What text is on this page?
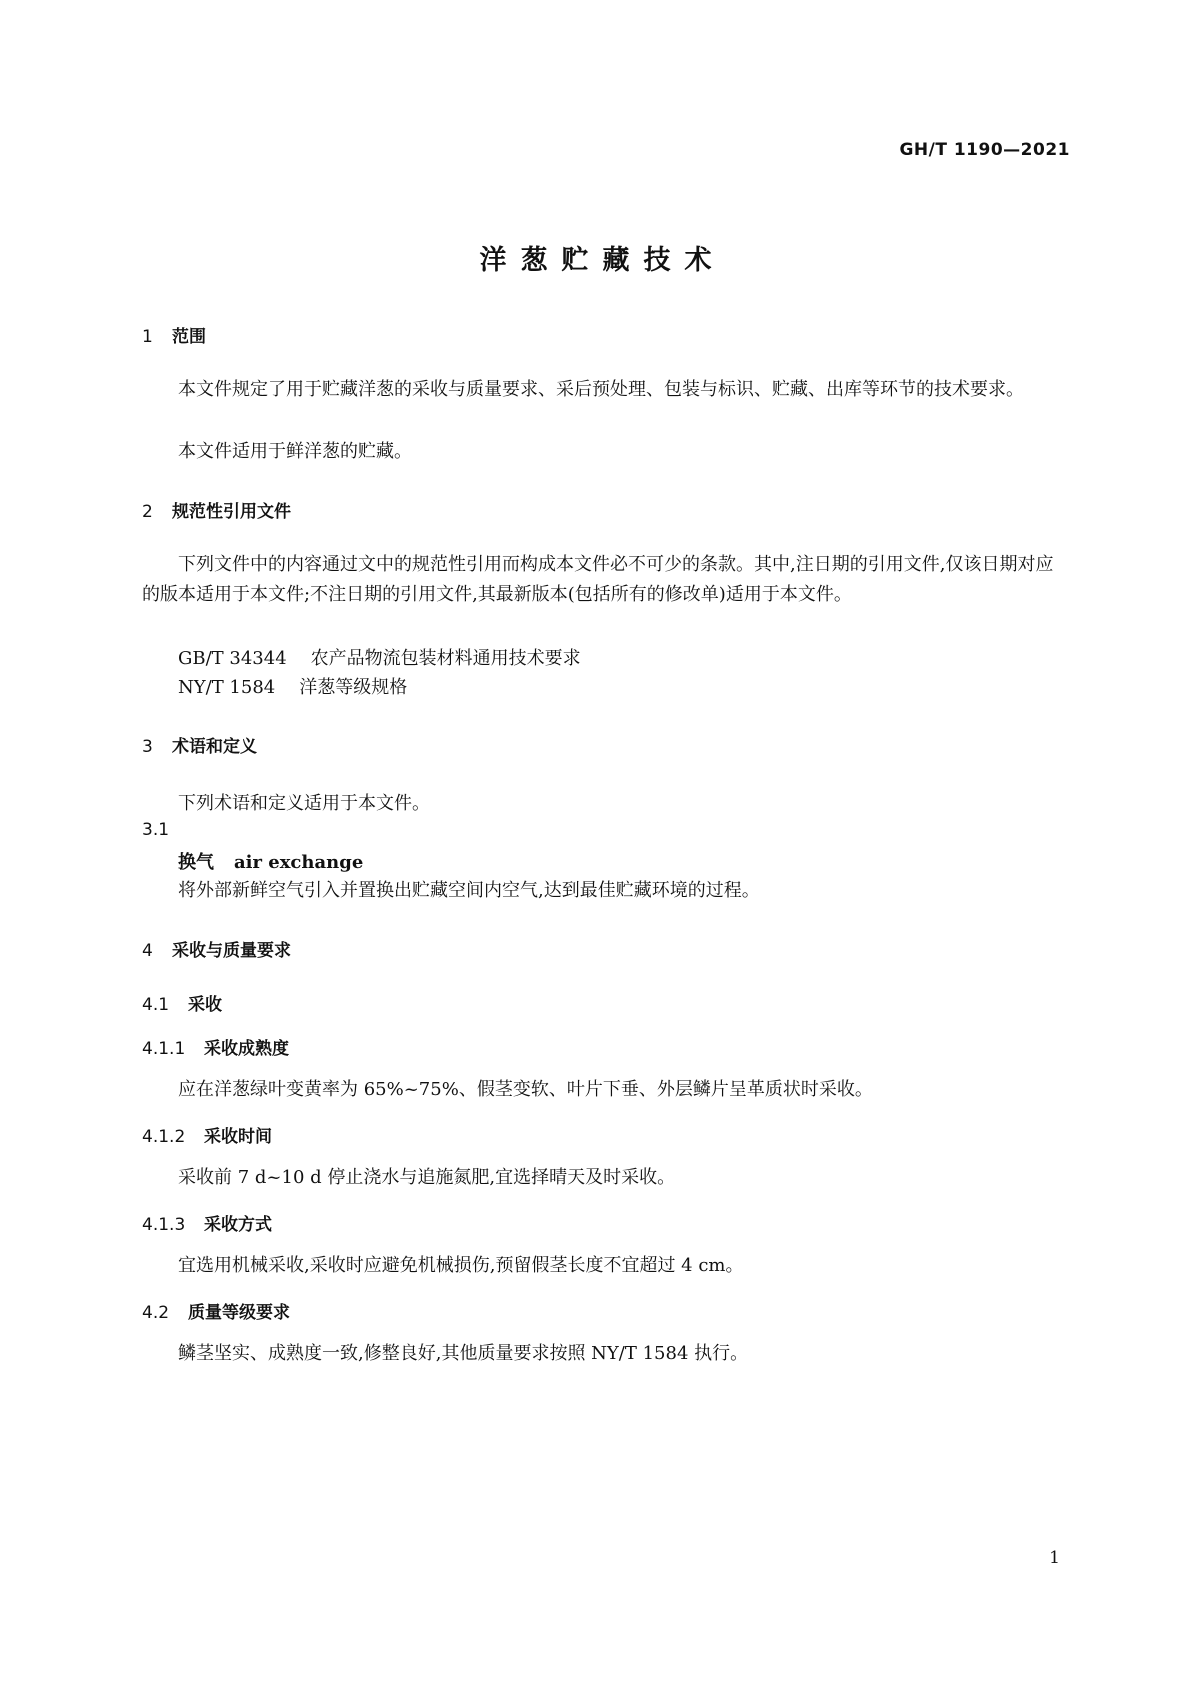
GH/T 1190—2021
洋葱贮藏技术
1 范围

本文件规定了用于贮藏洋葱的采收与质量要求、采后预处理、包装与标识、贮藏、出库等环节的技术要求。

本文件适用于鲜洋葱的贮藏。
2 规范性引用文件

下列文件中的内容通过文中的规范性引用而构成本文件必不可少的条款。其中,注日期的引用文件,仅该日期对应的版本适用于本文件;不注日期的引用文件,其最新版本(包括所有的修改单)适用于本文件。

GB/T 34344 农产品物流包装材料通用技术要求
NY/T 1584 洋葱等级规格
3 术语和定义
下列术语和定义适用于本文件。
3.1
换气 air exchange
将外部新鲜空气引入并置换出贮藏空间内空气,达到最佳贮藏环境的过程。
4 采收与质量要求
4.1 采收
4.1.1 采收成熟度
应在洋葱绿叶变黄率为 65%~75%、假茎变软、叶片下垂、外层鳞片呈革质状时采收。
4.1.2 采收时间
采收前 7 d~10 d 停止浇水与追施氮肥,宜选择晴天及时采收。
4.1.3 采收方式
宜选用机械采收,采收时应避免机械损伤,预留假茎长度不宜超过 4 cm。
4.2 质量等级要求
鳞茎坚实、成熟度一致,修整良好,其他质量要求按照 NY/T 1584 执行。
1
